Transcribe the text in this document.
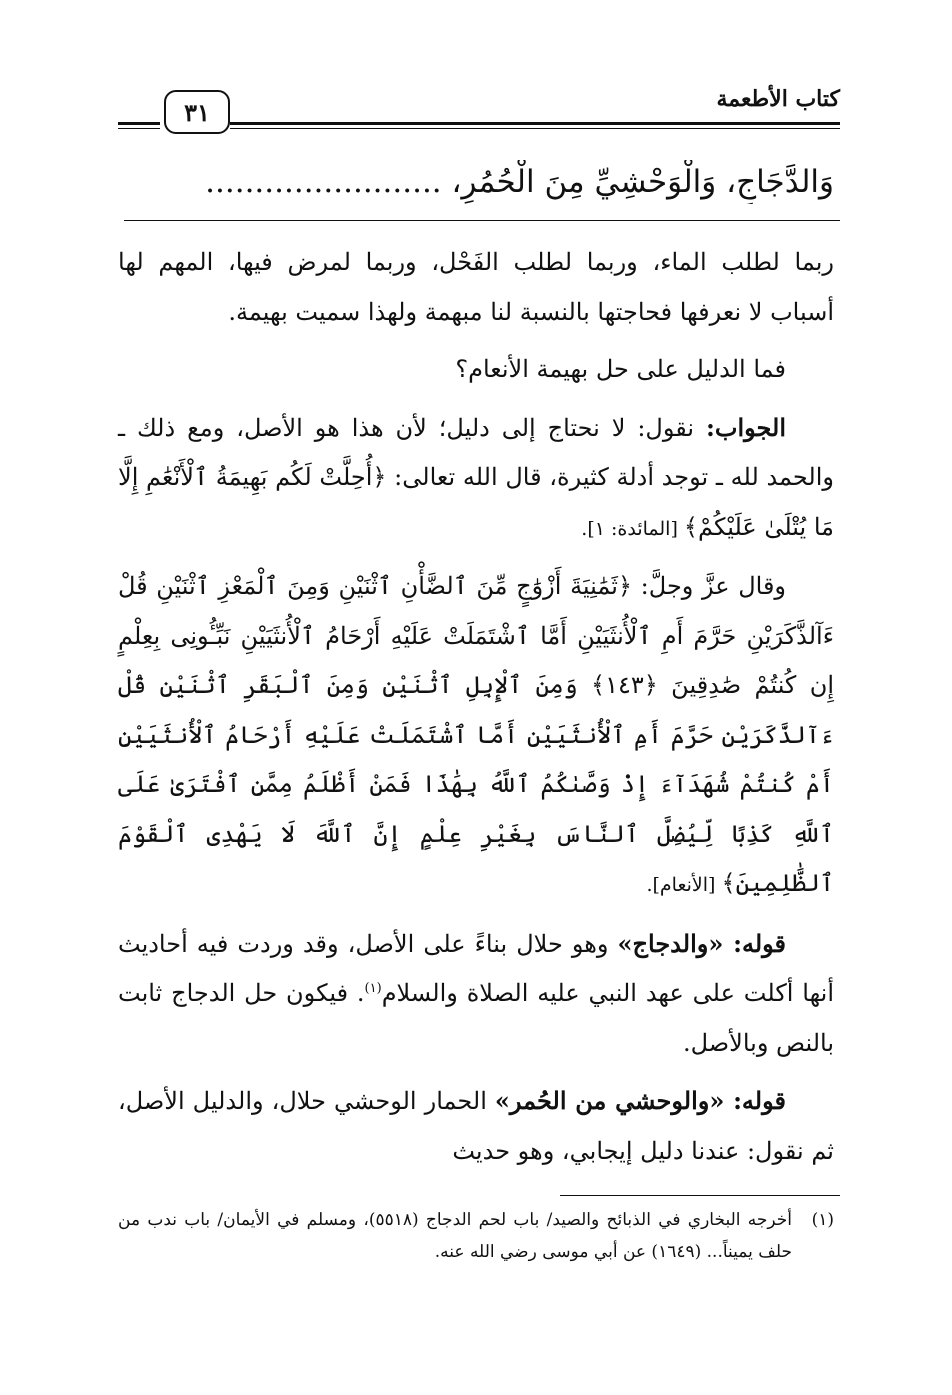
كتاب الأطعمة
٣١
وَالدَّجَاجِ، وَالْوَحْشِيِّ مِنَ الْحُمُرِ، ........................

ربما لطلب الماء، وربما لطلب الفَحْل، وربما لمرض فيها، المهم لها أسباب لا نعرفها فحاجتها بالنسبة لنا مبهمة ولهذا سميت بهيمة.

فما الدليل على حل بهيمة الأنعام؟

الجواب: نقول: لا نحتاج إلى دليل؛ لأن هذا هو الأصل، ومع ذلك ـ والحمد لله ـ توجد أدلة كثيرة، قال الله تعالى: ﴿أُحِلَّتْ لَكُم بَهِيمَةُ ٱلْأَنْعَٰمِ إِلَّا مَا يُتْلَىٰ عَلَيْكُمْ﴾ [المائدة: ١].

وقال عزَّ وجلَّ: ﴿ثَمَٰنِيَةَ أَزْوَٰجٍ مِّنَ ٱلضَّأْنِ ٱثْنَيْنِ وَمِنَ ٱلْمَعْزِ ٱثْنَيْنِ قُلْ ءَآلذَّكَرَيْنِ حَرَّمَ أَمِ ٱلْأُنثَيَيْنِ أَمَّا ٱشْتَمَلَتْ عَلَيْهِ أَرْحَامُ ٱلْأُنثَيَيْنِ نَبِّـُٔونِى بِعِلْمٍ إِن كُنتُمْ صَٰدِقِينَ ﴿١٤٣﴾ وَمِنَ ٱلْإِبِلِ ٱثْنَيْنِ وَمِنَ ٱلْبَقَرِ ٱثْنَيْنِ قُلْ ءَآلذَّكَرَيْنِ حَرَّمَ أَمِ ٱلْأُنثَيَيْنِ أَمَّا ٱشْتَمَلَتْ عَلَيْهِ أَرْحَامُ ٱلْأُنثَيَيْنِ أَمْ كُنتُمْ شُهَدَآءَ إِذْ وَصَّىٰكُمُ ٱللَّهُ بِهَٰذَا فَمَنْ أَظْلَمُ مِمَّنِ ٱفْتَرَىٰ عَلَى ٱللَّهِ كَذِبًا لِّيُضِلَّ ٱلنَّاسَ بِغَيْرِ عِلْمٍ إِنَّ ٱللَّهَ لَا يَهْدِى ٱلْقَوْمَ ٱلظَّٰلِمِينَ﴾ [الأنعام].

قوله: «والدجاج» وهو حلال بناءً على الأصل، وقد وردت فيه أحاديث أنها أكلت على عهد النبي عليه الصلاة والسلام$^{(١)}$. فيكون حل الدجاج ثابت بالنص وبالأصل.

قوله: «والوحشي من الحُمر» الحمار الوحشي حلال، والدليل الأصل، ثم نقول: عندنا دليل إيجابي، وهو حديث

(١)
أخرجه البخاري في الذبائح والصيد/ باب لحم الدجاج (٥٥١٨)، ومسلم في الأيمان/ باب ندب من حلف يميناً... (١٦٤٩) عن أبي موسى رضي الله عنه.
